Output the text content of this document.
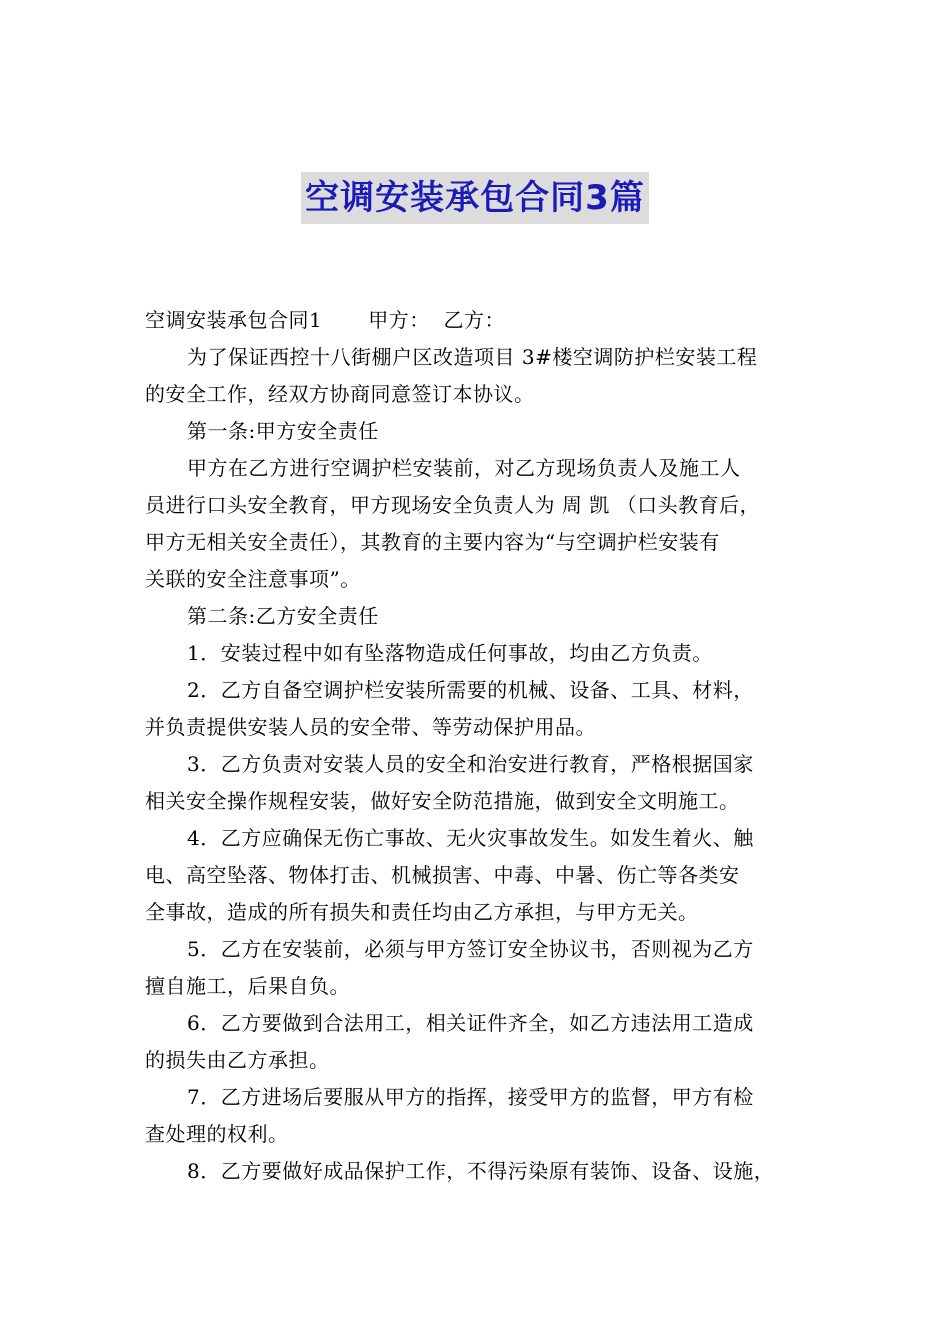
空调安装承包合同3篇
空调安装承包合同1 甲方： 乙方：
为了保证西控十八街棚户区改造项目 3#楼空调防护栏安装工程
的安全工作，经双方协商同意签订本协议。
第一条:甲方安全责任
甲方在乙方进行空调护栏安装前，对乙方现场负责人及施工人
员进行口头安全教育，甲方现场安全负责人为 周 凯 （口头教育后，
甲方无相关安全责任），其教育的主要内容为“与空调护栏安装有
关联的安全注意事项”。
第二条:乙方安全责任
1．安装过程中如有坠落物造成任何事故，均由乙方负责。
2．乙方自备空调护栏安装所需要的机械、设备、工具、材料，
并负责提供安装人员的安全带、等劳动保护用品。
3．乙方负责对安装人员的安全和治安进行教育，严格根据国家
相关安全操作规程安装，做好安全防范措施，做到安全文明施工。
4．乙方应确保无伤亡事故、无火灾事故发生。如发生着火、触
电、高空坠落、物体打击、机械损害、中毒、中暑、伤亡等各类安
全事故，造成的所有损失和责任均由乙方承担，与甲方无关。
5．乙方在安装前，必须与甲方签订安全协议书，否则视为乙方
擅自施工，后果自负。
6．乙方要做到合法用工，相关证件齐全，如乙方违法用工造成
的损失由乙方承担。
7．乙方进场后要服从甲方的指挥，接受甲方的监督，甲方有检
查处理的权利。
8．乙方要做好成品保护工作，不得污染原有装饰、设备、设施，
